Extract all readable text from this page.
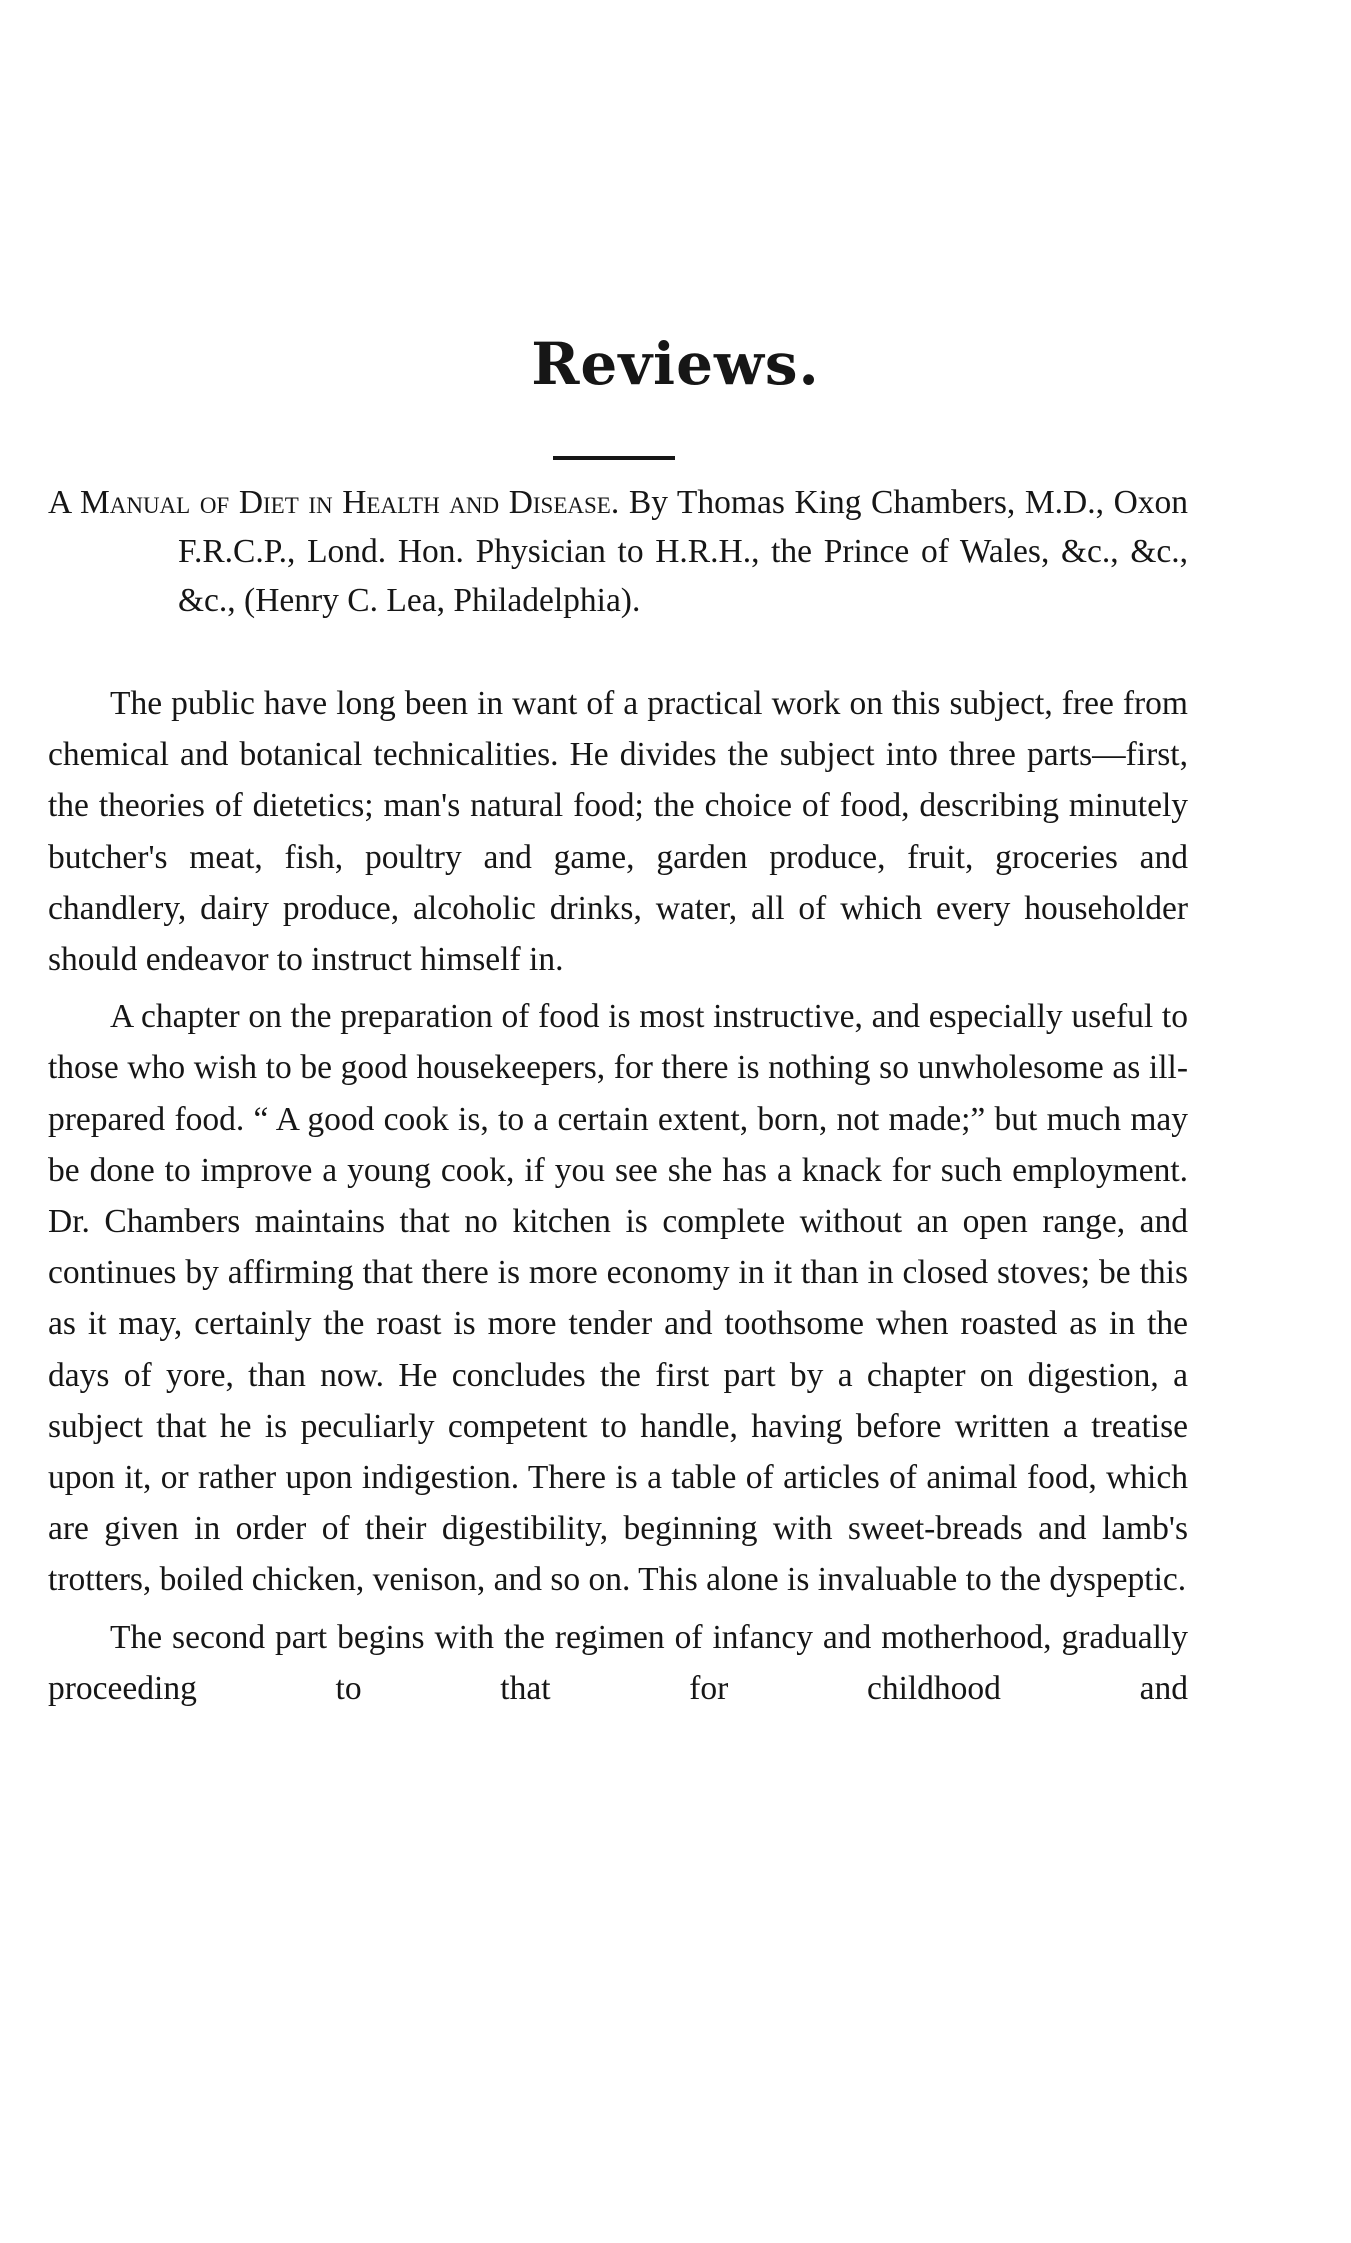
Reviews.
A Manual of Diet in Health and Disease. By Thomas King Chambers, M.D., Oxon F.R.C.P., Lond. Hon. Physician to H.R.H., the Prince of Wales, &c., &c., &c., (Henry C. Lea, Philadelphia).

The public have long been in want of a practical work on this subject, free from chemical and botanical technicalities. He divides the subject into three parts—first, the theories of dietetics; man's natural food; the choice of food, describing minutely butcher's meat, fish, poultry and game, garden produce, fruit, groceries and chandlery, dairy produce, alcoholic drinks, water, all of which every householder should endeavor to instruct himself in.

A chapter on the preparation of food is most instructive, and especially useful to those who wish to be good housekeepers, for there is nothing so unwholesome as ill-prepared food. “ A good cook is, to a certain extent, born, not made;” but much may be done to improve a young cook, if you see she has a knack for such employment. Dr. Chambers maintains that no kitchen is complete without an open range, and continues by affirming that there is more economy in it than in closed stoves; be this as it may, certainly the roast is more tender and toothsome when roasted as in the days of yore, than now. He concludes the first part by a chapter on digestion, a subject that he is peculiarly competent to handle, having before written a treatise upon it, or rather upon indigestion. There is a table of articles of animal food, which are given in order of their digestibility, beginning with sweet-breads and lamb's trotters, boiled chicken, venison, and so on. This alone is invaluable to the dyspeptic.

The second part begins with the regimen of infancy and motherhood, gradually proceeding to that for childhood and
